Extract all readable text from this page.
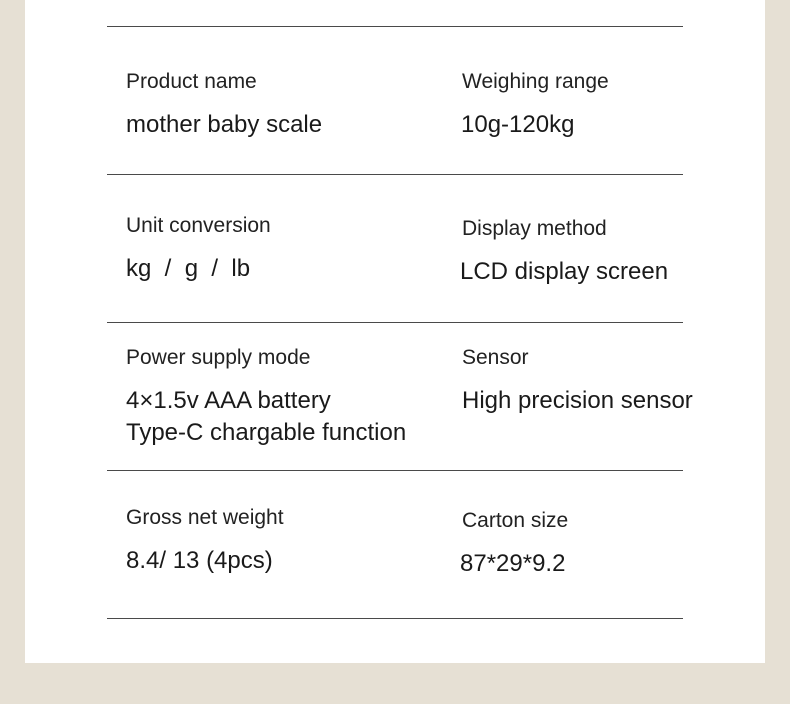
Product name
mother baby scale
Weighing range
10g-120kg
Unit conversion
kg  /  g  /  lb
Display method
LCD display screen
Power supply mode
4×1.5v AAA battery
Type-C chargable function
Sensor
High precision sensor
Gross net weight
8.4/ 13 (4pcs)
Carton size
87*29*9.2
